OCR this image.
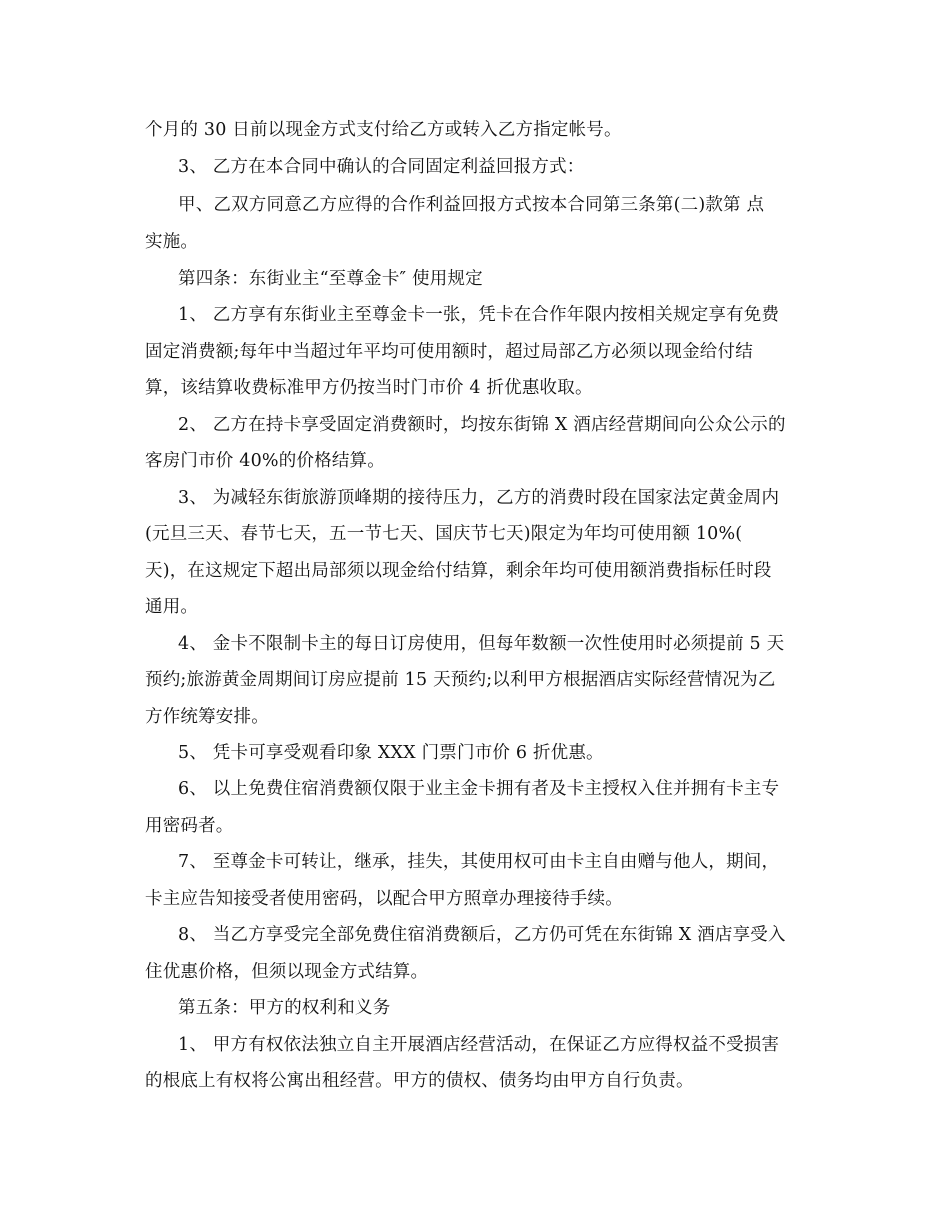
个月的 30 日前以现金方式支付给乙方或转入乙方指定帐号。
3、 乙方在本合同中确认的合同固定利益回报方式：
甲、乙双方同意乙方应得的合作利益回报方式按本合同第三条第(二)款第 点
实施。
第四条：东街业主“至尊金卡″ 使用规定
1、 乙方享有东街业主至尊金卡一张，凭卡在合作年限内按相关规定享有免费
固定消费额;每年中当超过年平均可使用额时，超过局部乙方必须以现金给付结
算，该结算收费标准甲方仍按当时门市价 4 折优惠收取。
2、 乙方在持卡享受固定消费额时，均按东街锦 X 酒店经营期间向公众公示的
客房门市价 40%的价格结算。
3、 为减轻东街旅游顶峰期的接待压力，乙方的消费时段在国家法定黄金周内
(元旦三天、春节七天，五一节七天、国庆节七天)限定为年均可使用额 10%(
天)，在这规定下超出局部须以现金给付结算，剩余年均可使用额消费指标任时段
通用。
4、 金卡不限制卡主的每日订房使用，但每年数额一次性使用时必须提前 5 天
预约;旅游黄金周期间订房应提前 15 天预约;以利甲方根据酒店实际经营情况为乙
方作统筹安排。
5、 凭卡可享受观看印象 XXX 门票门市价 6 折优惠。
6、 以上免费住宿消费额仅限于业主金卡拥有者及卡主授权入住并拥有卡主专
用密码者。
7、 至尊金卡可转让，继承，挂失，其使用权可由卡主自由赠与他人，期间，
卡主应告知接受者使用密码，以配合甲方照章办理接待手续。
8、 当乙方享受完全部免费住宿消费额后，乙方仍可凭在东街锦 X 酒店享受入
住优惠价格，但须以现金方式结算。
第五条：甲方的权利和义务
1、 甲方有权依法独立自主开展酒店经营活动，在保证乙方应得权益不受损害
的根底上有权将公寓出租经营。甲方的债权、债务均由甲方自行负责。
